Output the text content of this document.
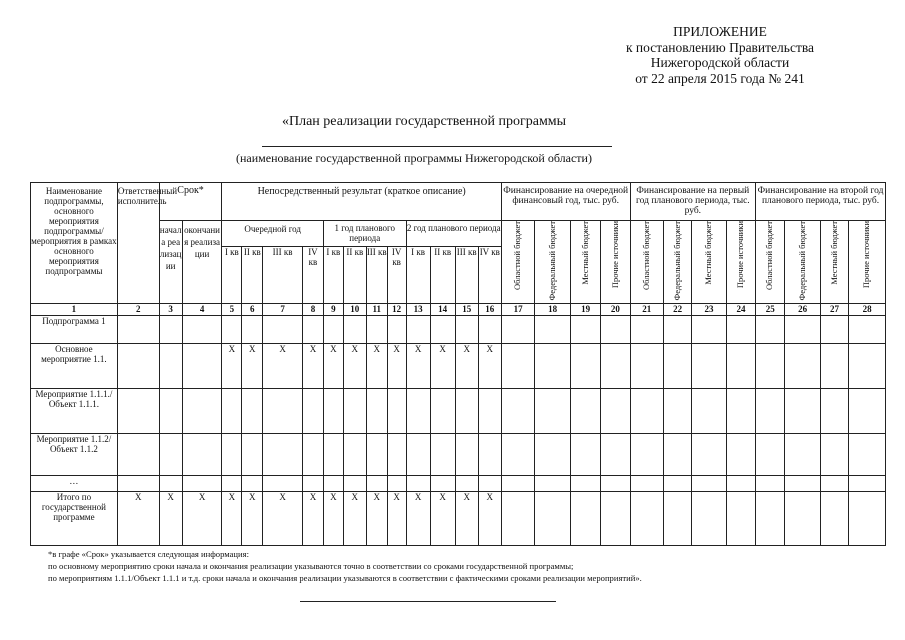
ПРИЛОЖЕНИЕ
к постановлению Правительства
Нижегородской области
от 22 апреля 2015 года № 241
«План реализации государственной программы
(наименование государственной программы Нижегородской области)
Наименование подпрограммы, основного мероприятия подпрограммы/мероприятия в рамках основного мероприятия подпрограммы	Ответственный исполнитель	Срок*		Непосредственный результат (краткое описание)												Финансирование на очередной финансовый год, тыс. руб.				Финансирование на первый год планового периода, тыс. руб.				Финансирование на второй год планового периода, тыс. руб.			
		начала реализации	окончания реализации	Очередной год				1 год планового периода				2 год планового периода				Областной бюджет	Федеральный бюджет	Местный бюджет	Прочие источники	Областной бюджет	Федеральный бюджет	Местный бюджет	Прочие источники	Областной бюджет	Федеральный бюджет	Местный бюджет	Прочие источники
				I кв	II кв	III кв	IV кв	I кв	II кв	III кв	IV кв	I кв	II кв	III кв	IV кв												
1	2	3	4	5	6	7	8	9	10	11	12	13	14	15	16	17	18	19	20	21	22	23	24	25	26	27	28
Подпрограмма 1																											
Основное мероприятие 1.1.				X	X	X	X	X	X	X	X	X	X	X	X												
Мероприятие 1.1.1./ Объект 1.1.1.																											
Мероприятие 1.1.2/ Объект 1.1.2																											
…																											
Итого по государственной программе	X	X	X	X	X	X	X	X	X	X	X	X	X	X	X												
*в графе «Срок» указывается следующая информация:
по основному мероприятию сроки начала и окончания реализации указываются точно в соответствии со сроками государственной программы;
по мероприятиям 1.1.1/Объект 1.1.1 и т.д. сроки начала и окончания реализации указываются в соответствии с фактическими сроками реализации мероприятий».
